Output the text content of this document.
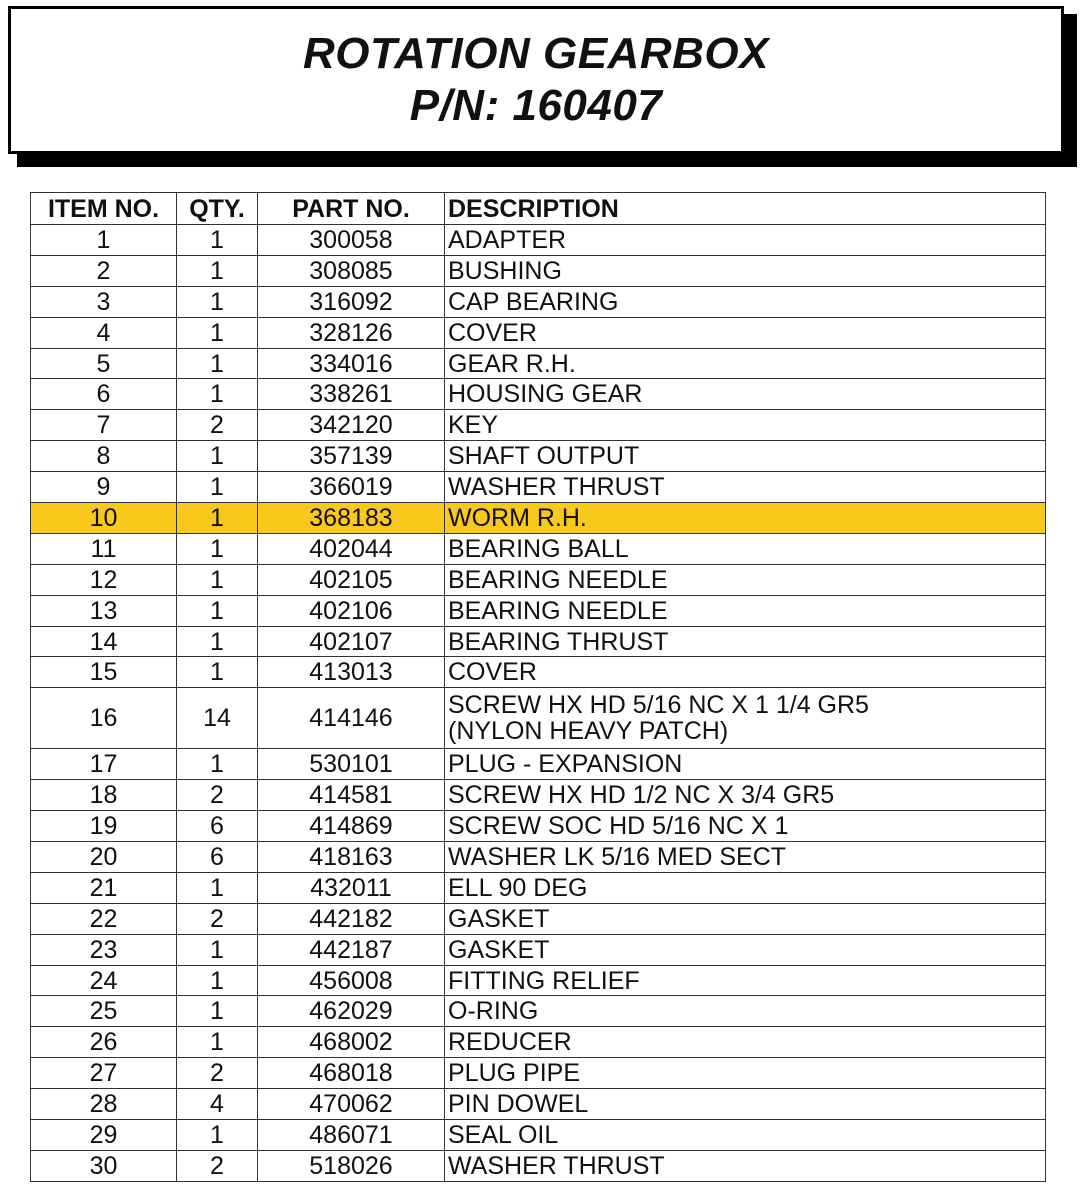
ROTATION GEARBOX
P/N: 160407
ITEM NO.	QTY.	PART NO.	DESCRIPTION
1	1	300058	ADAPTER

2	1	308085	BUSHING

3	1	316092	CAP BEARING

4	1	328126	COVER

5	1	334016	GEAR R.H.

6	1	338261	HOUSING GEAR

7	2	342120	KEY

8	1	357139	SHAFT OUTPUT

9	1	366019	WASHER THRUST

10	1	368183	WORM R.H.

11	1	402044	BEARING BALL

12	1	402105	BEARING NEEDLE

13	1	402106	BEARING NEEDLE

14	1	402107	BEARING THRUST

15	1	413013	COVER

16	14	414146	SCREW HX HD 5/16 NC X 1 1/4 GR5
(NYLON HEAVY PATCH)

17	1	530101	PLUG - EXPANSION

18	2	414581	SCREW HX HD 1/2 NC X 3/4 GR5

19	6	414869	SCREW SOC HD 5/16 NC X 1

20	6	418163	WASHER LK 5/16 MED SECT

21	1	432011	ELL 90 DEG

22	2	442182	GASKET

23	1	442187	GASKET

24	1	456008	FITTING RELIEF

25	1	462029	O-RING

26	1	468002	REDUCER

27	2	468018	PLUG PIPE

28	4	470062	PIN DOWEL

29	1	486071	SEAL OIL

30	2	518026	WASHER THRUST
